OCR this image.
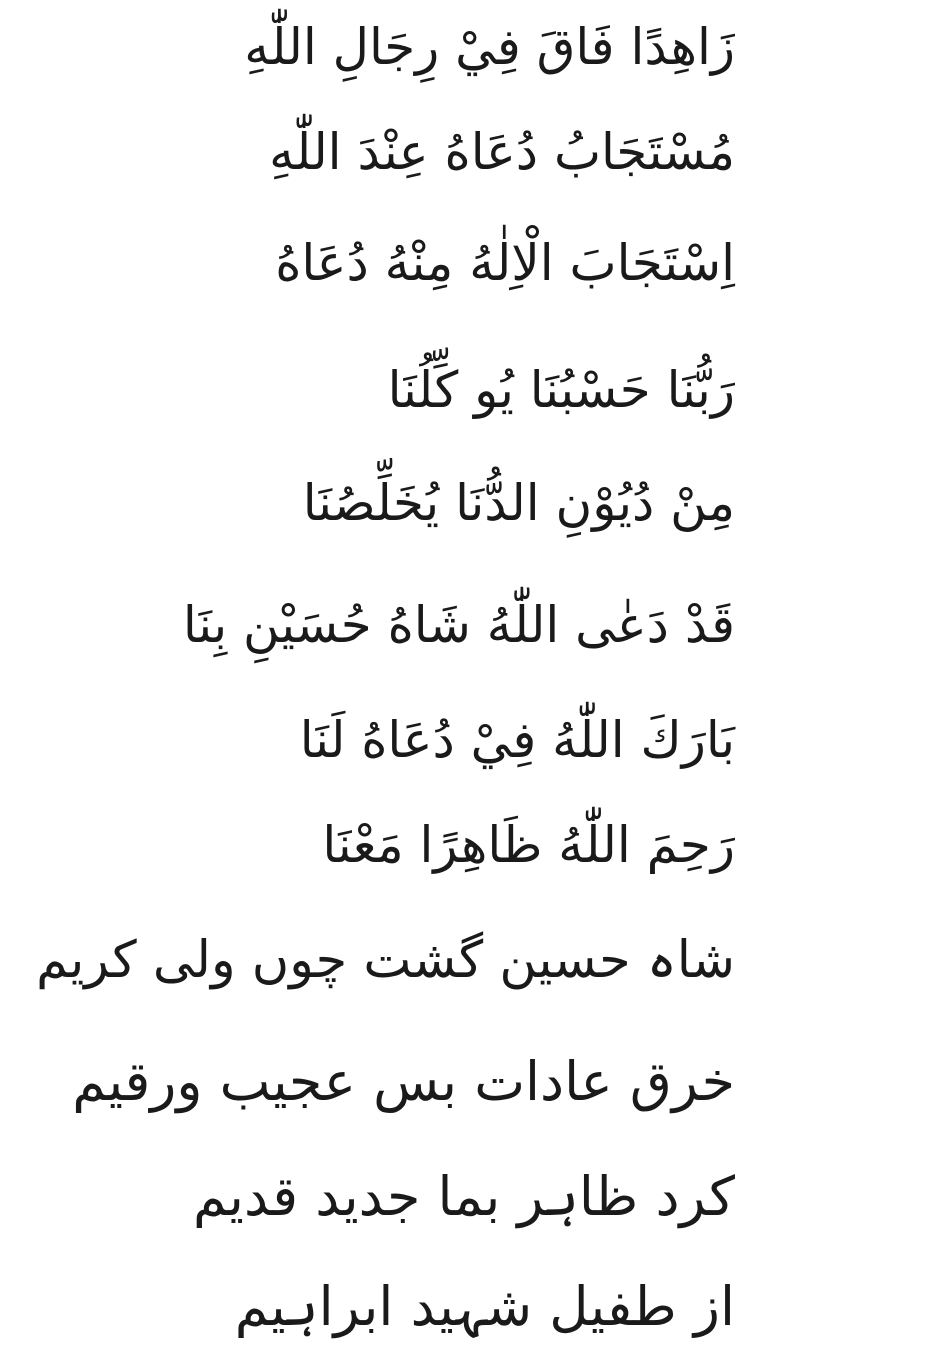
زَاهِدًا فَاقَ فِيْ رِجَالِ اللّٰهِ
مُسْتَجَابُ دُعَاهُ عِنْدَ اللّٰهِ
اِسْتَجَابَ الْاِلٰهُ مِنْهُ دُعَاهُ
رَبُّنَا حَسْبُنَا يُو كِّلُنَا
مِنْ دُيُوْنِ الدُّنَا يُخَلِّصُنَا
قَدْ دَعٰى اللّٰهُ شَاهُ حُسَيْنِ بِنَا
بَارَكَ اللّٰهُ فِيْ دُعَاهُ لَنَا
رَحِمَ اللّٰهُ ظَاهِرًا مَعْنَا
شاہ حسین گشت چوں ولی کریم
خرق عادات بس عجیب ورقیم
کرد ظاہر بما جدید قدیم
از طفیل شہید ابراہیم
